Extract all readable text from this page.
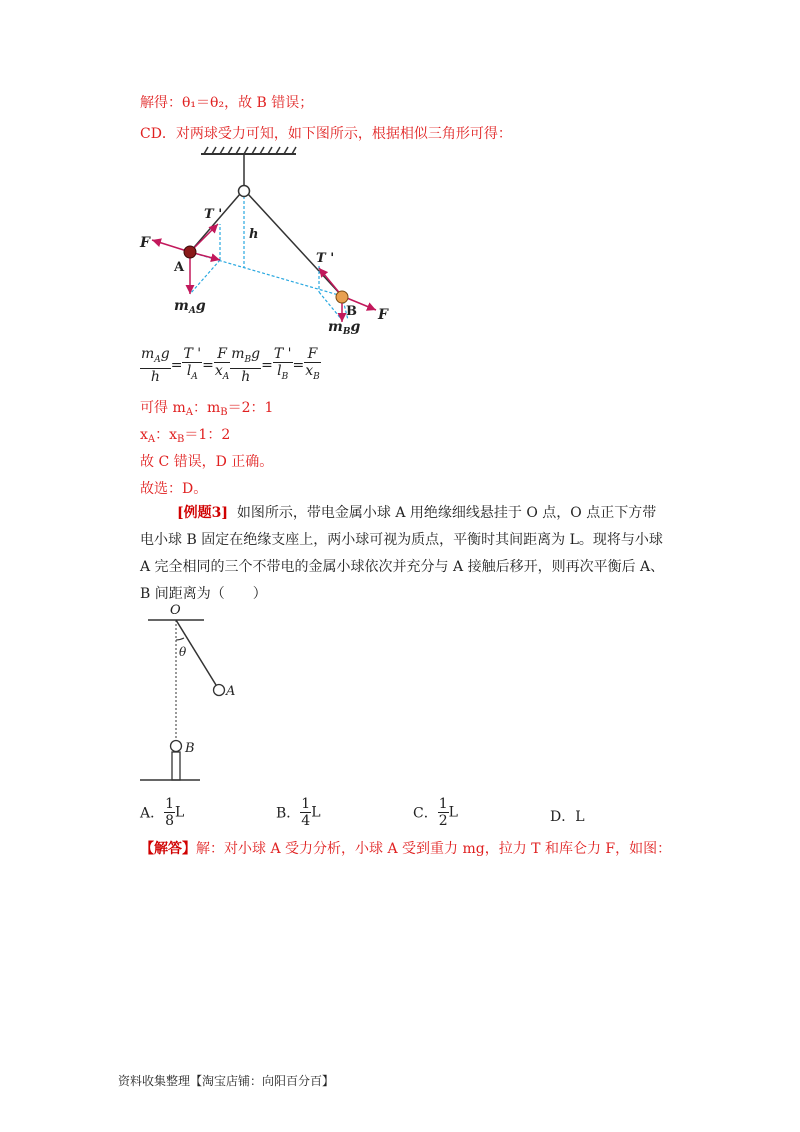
解得：θ₁＝θ₂，故 B 错误；
CD．对两球受力可知，如下图所示，根据相似三角形可得：
F
T '
h
A
$m_Ag$
T '
B
$m_Bg$
F
$\frac{m_Ag}{h} = \frac{T '}{l_A} = \frac{F}{x_A} \frac{m_Bg}{h} = \frac{T '}{l_B} = \frac{F}{x_B}$
可得 $m_A$：$m_B=2$：1
$x_A$：$x_B=1$：2
故 C 错误，D 正确。
故选：D。
[例题3] 如图所示，带电金属小球 A 用绝缘细线悬挂于 O 点，O 点正下方带电小球 B 固定在绝缘支座上，两小球可视为质点，平衡时其间距离为 L。现将与小球 A 完全相同的三个不带电的金属小球依次并充分与 A 接触后移开，则再次平衡后 A、B 间距离为（　　）
O
θ
A
B
A． $\frac{1}{8}$ L	B． $\frac{1}{4}$ L	C． $\frac{1}{2}$ L	D．L
【解答】解：对小球 A 受力分析，小球 A 受到重力 mg，拉力 T 和库仑力 F，如图：
资料收集整理【淘宝店铺：向阳百分百】
